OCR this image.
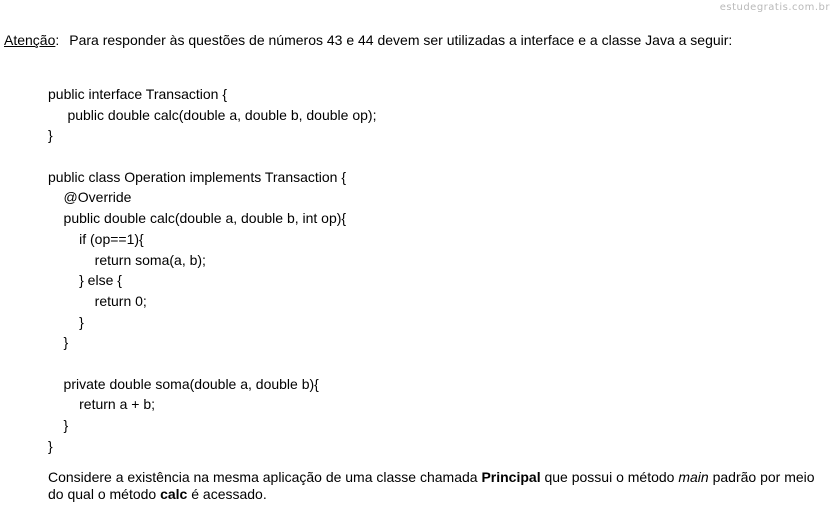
estudegratis.com.br
Atenção: Para responder às questões de números 43 e 44 devem ser utilizadas a interface e a classe Java a seguir:
public interface Transaction {
public double calc(double a, double b, double op);
}
public class Operation implements Transaction {
@Override
public double calc(double a, double b, int op){
if (op==1){
return soma(a, b);
} else {
return 0;
}
}
private double soma(double a, double b){
return a + b;
}
}
Considere a existência na mesma aplicação de uma classe chamada Principal que possui o método main padrão por meio do qual o método calc é acessado.
